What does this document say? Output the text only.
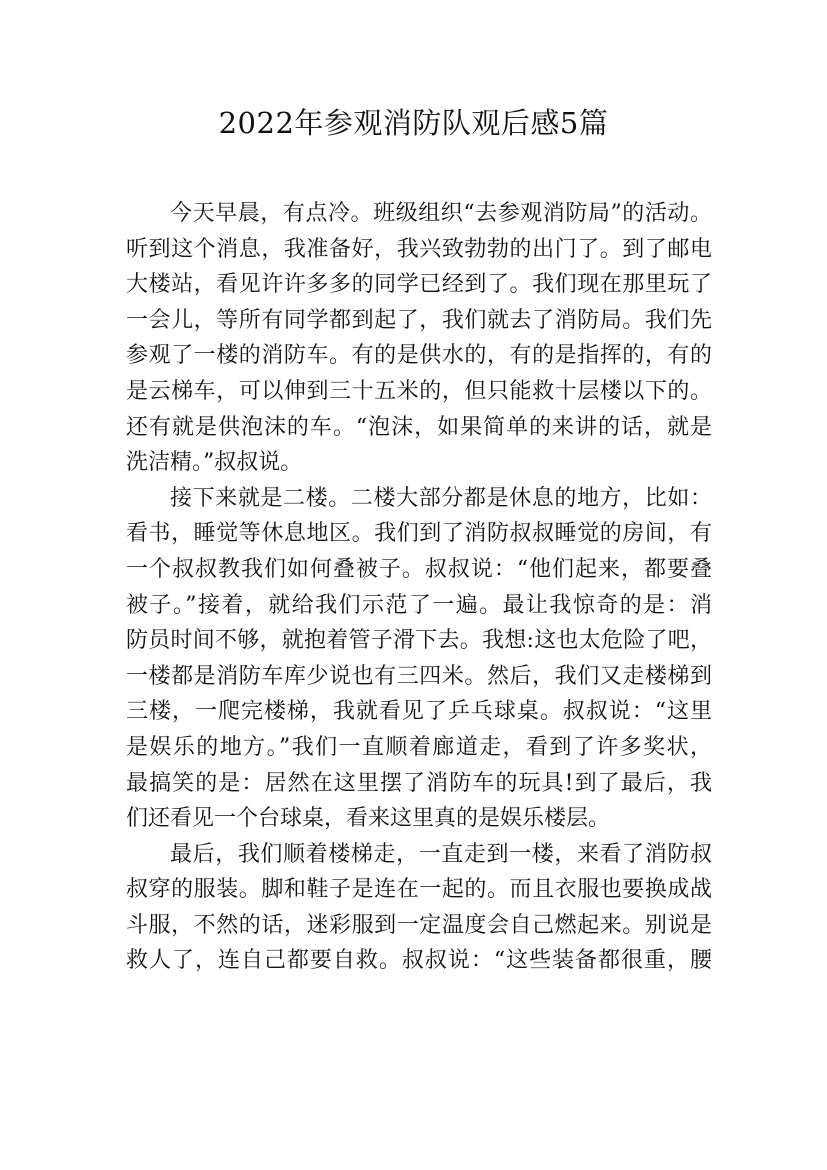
2022年参观消防队观后感5篇
今天早晨，有点冷。班级组织“去参观消防局”的活动。
听到这个消息，我准备好，我兴致勃勃的出门了。到了邮电
大楼站，看见许许多多的同学已经到了。我们现在那里玩了
一会儿，等所有同学都到起了，我们就去了消防局。我们先
参观了一楼的消防车。有的是供水的，有的是指挥的，有的
是云梯车，可以伸到三十五米的，但只能救十层楼以下的。
还有就是供泡沫的车。“泡沫，如果简单的来讲的话，就是
洗洁精。”叔叔说。
接下来就是二楼。二楼大部分都是休息的地方，比如：
看书，睡觉等休息地区。我们到了消防叔叔睡觉的房间，有
一个叔叔教我们如何叠被子。叔叔说：“他们起来，都要叠
被子。”接着，就给我们示范了一遍。最让我惊奇的是：消
防员时间不够，就抱着管子滑下去。我想:这也太危险了吧，
一楼都是消防车库少说也有三四米。然后，我们又走楼梯到
三楼，一爬完楼梯，我就看见了乒乓球桌。叔叔说：“这里
是娱乐的地方。”我们一直顺着廊道走，看到了许多奖状，
最搞笑的是：居然在这里摆了消防车的玩具!到了最后，我
们还看见一个台球桌，看来这里真的是娱乐楼层。
最后，我们顺着楼梯走，一直走到一楼，来看了消防叔
叔穿的服装。脚和鞋子是连在一起的。而且衣服也要换成战
斗服，不然的话，迷彩服到一定温度会自己燃起来。别说是
救人了，连自己都要自救。叔叔说：“这些装备都很重，腰
